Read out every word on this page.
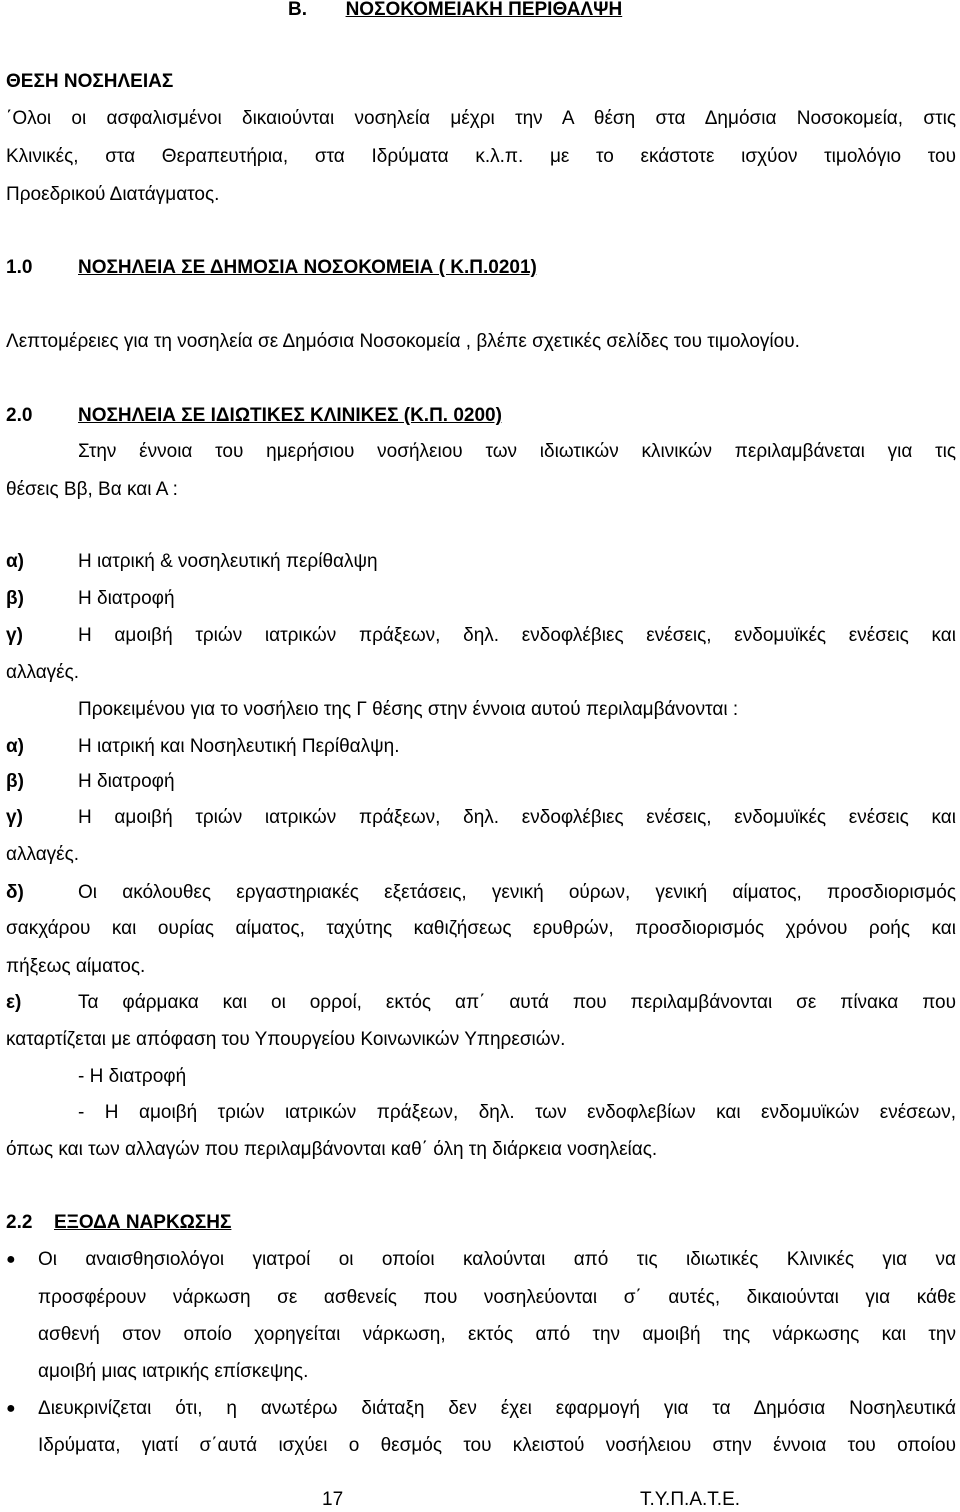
Β. ΝΟΣΟΚΟΜΕΙΑΚΗ ΠΕΡΙΘΑΛΨΗ
ΘΕΣΗ ΝΟΣΗΛΕΙΑΣ
΄Ολοι οι ασφαλισμένοι δικαιούνται νοσηλεία μέχρι την Α θέση στα Δημόσια Νοσοκομεία, στις
Κλινικές, στα Θεραπευτήρια, στα Ιδρύματα κ.λ.π. με το εκάστοτε ισχύον τιμολόγιο του
Προεδρικού Διατάγματος.
1.0 ΝΟΣΗΛΕΙΑ ΣΕ ΔΗΜΟΣΙΑ ΝΟΣΟΚΟΜΕΙΑ ( Κ.Π.0201)
Λεπτομέρειες για τη νοσηλεία σε Δημόσια Νοσοκομεία , βλέπε σχετικές σελίδες του τιμολογίου.
2.0 ΝΟΣΗΛΕΙΑ ΣΕ ΙΔΙΩΤΙΚΕΣ ΚΛΙΝΙΚΕΣ (Κ.Π. 0200)
Στην έννοια του ημερήσιου νοσήλειου των ιδιωτικών κλινικών περιλαμβάνεται για τις
θέσεις Ββ, Βα και Α :
α)	Η ιατρική & νοσηλευτική περίθαλψη
β)	Η διατροφή
γ)	Η αμοιβή τριών ιατρικών πράξεων, δηλ. ενδοφλέβιες ενέσεις, ενδομυϊκές ενέσεις και
αλλαγές.
Προκειμένου για το νοσήλειο της Γ θέσης στην έννοια αυτού περιλαμβάνονται :
α)	Η ιατρική και Νοσηλευτική Περίθαλψη.
β)	Η διατροφή
γ)	Η αμοιβή τριών ιατρικών πράξεων, δηλ. ενδοφλέβιες ενέσεις, ενδομυϊκές ενέσεις και
αλλαγές.
δ)	Οι ακόλουθες εργαστηριακές εξετάσεις, γενική ούρων, γενική αίματος, προσδιορισμός
σακχάρου και ουρίας αίματος, ταχύτης καθιζήσεως ερυθρών, προσδιορισμός χρόνου ροής και
πήξεως αίματος.
ε)	Τα φάρμακα και οι ορροί, εκτός απ΄ αυτά που περιλαμβάνονται σε πίνακα που
καταρτίζεται με απόφαση του Υπουργείου Κοινωνικών Υπηρεσιών.
- Η διατροφή
- Η αμοιβή τριών ιατρικών πράξεων, δηλ. των ενδοφλεβίων και ενδομυϊκών ενέσεων,
όπως και των αλλαγών που περιλαμβάνονται καθ΄ όλη τη διάρκεια νοσηλείας.
2.2 ΕΞΟΔΑ ΝΑΡΚΩΣΗΣ
● Οι αναισθησιολόγοι γιατροί οι οποίοι καλούνται από τις ιδιωτικές Κλινικές για να
προσφέρουν νάρκωση σε ασθενείς που νοσηλεύονται σ΄ αυτές, δικαιούνται για κάθε
ασθενή στον οποίο χορηγείται νάρκωση, εκτός από την αμοιβή της νάρκωσης και την
αμοιβή μιας ιατρικής επίσκεψης.
● Διευκρινίζεται ότι, η ανωτέρω διάταξη δεν έχει εφαρμογή για τα Δημόσια Νοσηλευτικά
Ιδρύματα, γιατί σ΄αυτά ισχύει ο θεσμός του κλειστού νοσήλειου στην έννοια του οποίου
17	Τ.Υ.Π.Α.Τ.Ε.
